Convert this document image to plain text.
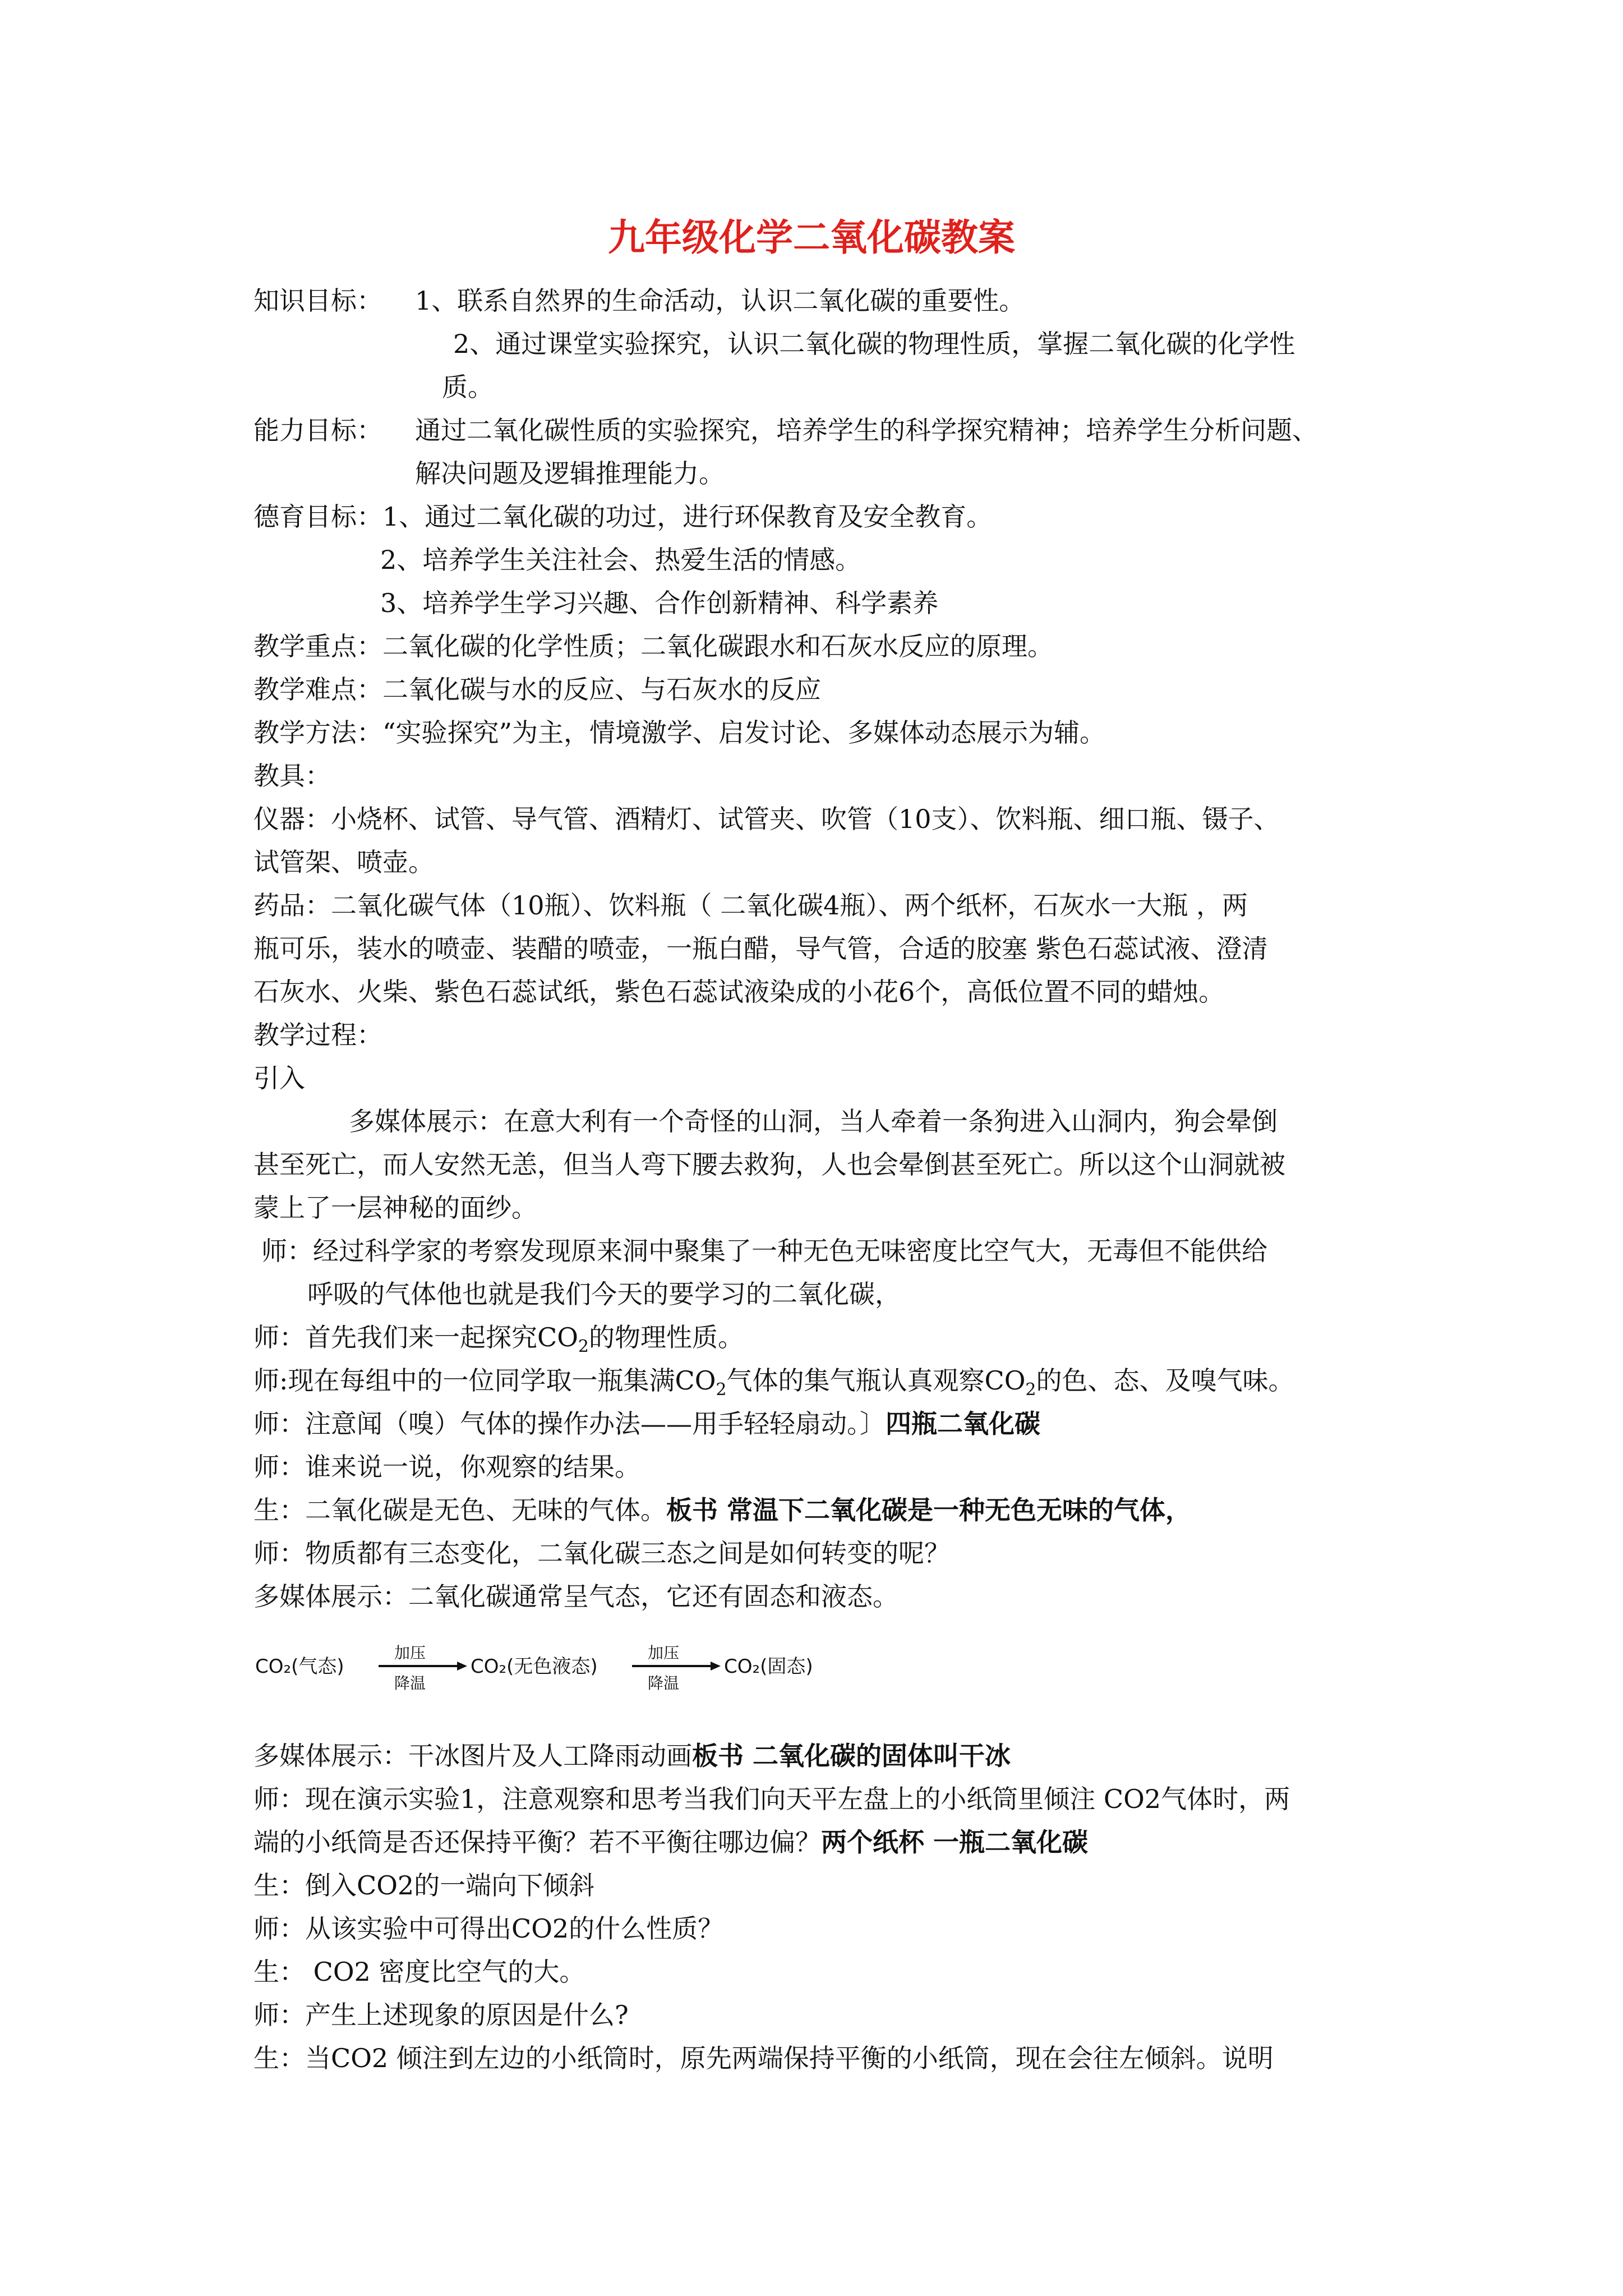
九年级化学二氧化碳教案
知识目标： 1、联系自然界的生命活动，认识二氧化碳的重要性。
2、通过课堂实验探究，认识二氧化碳的物理性质，掌握二氧化碳的化学性
质。
能力目标： 通过二氧化碳性质的实验探究，培养学生的科学探究精神；培养学生分析问题、
解决问题及逻辑推理能力。
德育目标：1、通过二氧化碳的功过，进行环保教育及安全教育。
2、培养学生关注社会、热爱生活的情感。
3、培养学生学习兴趣、合作创新精神、科学素养
教学重点：二氧化碳的化学性质；二氧化碳跟水和石灰水反应的原理。
教学难点：二氧化碳与水的反应、与石灰水的反应
教学方法：“实验探究”为主，情境激学、启发讨论、多媒体动态展示为辅。
教具：
仪器：小烧杯、试管、导气管、酒精灯、试管夹、吹管（10支）、饮料瓶、细口瓶、镊子、
试管架、喷壶。
药品：二氧化碳气体（10瓶）、饮料瓶（ 二氧化碳4瓶）、两个纸杯，石灰水一大瓶 ，两
瓶可乐，装水的喷壶、装醋的喷壶，一瓶白醋，导气管，合适的胶塞 紫色石蕊试液、澄清
石灰水、火柴、紫色石蕊试纸，紫色石蕊试液染成的小花6个，高低位置不同的蜡烛。
教学过程：
引入
多媒体展示：在意大利有一个奇怪的山洞，当人牵着一条狗进入山洞内，狗会晕倒
甚至死亡，而人安然无恙，但当人弯下腰去救狗，人也会晕倒甚至死亡。所以这个山洞就被
蒙上了一层神秘的面纱。
师：经过科学家的考察发现原来洞中聚集了一种无色无味密度比空气大，无毒但不能供给
呼吸的气体他也就是我们今天的要学习的二氧化碳，
师：首先我们来一起探究$CO_2$的物理性质。
师:现在每组中的一位同学取一瓶集满$CO_2$气体的集气瓶认真观察$CO_2$的色、态、及嗅气味。
师：注意闻（嗅）气体的操作办法——用手轻轻扇动。〕四瓶二氧化碳
师：谁来说一说，你观察的结果。
生：二氧化碳是无色、无味的气体。板书 常温下二氧化碳是一种无色无味的气体，
师：物质都有三态变化，二氧化碳三态之间是如何转变的呢？
多媒体展示：二氧化碳通常呈气态，它还有固态和液态。
CO₂(气态)
加压
降温
CO₂(无色液态)
加压
降温
CO₂(固态)
多媒体展示：干冰图片及人工降雨动画板书 二氧化碳的固体叫干冰
师：现在演示实验1，注意观察和思考当我们向天平左盘上的小纸筒里倾注 CO2气体时，两
端的小纸筒是否还保持平衡？若不平衡往哪边偏？两个纸杯 一瓶二氧化碳
生：倒入CO2的一端向下倾斜
师：从该实验中可得出CO2的什么性质？
生： CO2 密度比空气的大。
师：产生上述现象的原因是什么?
生：当CO2 倾注到左边的小纸筒时，原先两端保持平衡的小纸筒，现在会往左倾斜。说明
